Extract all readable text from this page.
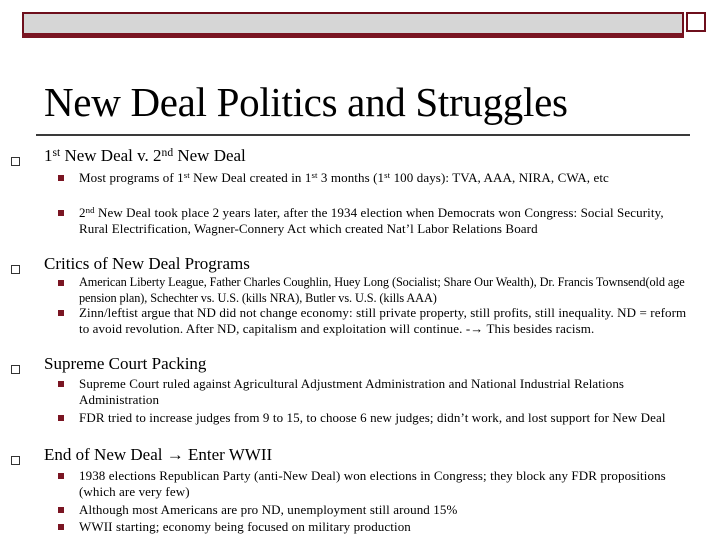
New Deal Politics and Struggles
1st New Deal v. 2nd New Deal
Most programs of 1st New Deal created in 1st 3 months (1st 100 days): TVA, AAA, NIRA, CWA, etc
2nd New Deal took place 2 years later, after the 1934 election when Democrats won Congress: Social Security, Rural Electrification, Wagner-Connery Act which created Nat’l Labor Relations Board
Critics of New Deal Programs
American Liberty League, Father Charles Coughlin, Huey Long (Socialist; Share Our Wealth), Dr. Francis Townsend(old age pension plan), Schechter vs. U.S. (kills NRA), Butler vs. U.S. (kills AAA)
Zinn/leftist argue that ND did not change economy: still private property, still profits, still inequality. ND = reform to avoid revolution. After ND, capitalism and exploitation will continue. -→ This besides racism.
Supreme Court Packing
Supreme Court ruled against Agricultural Adjustment Administration and National Industrial Relations Administration
FDR tried to increase judges from 9 to 15, to choose 6 new judges; didn’t work, and lost support for New Deal
End of New Deal → Enter WWII
1938 elections Republican Party (anti-New Deal) won elections in Congress; they block any FDR propositions (which are very few)
Although most Americans are pro ND, unemployment still around 15%
WWII starting; economy being focused on military production
